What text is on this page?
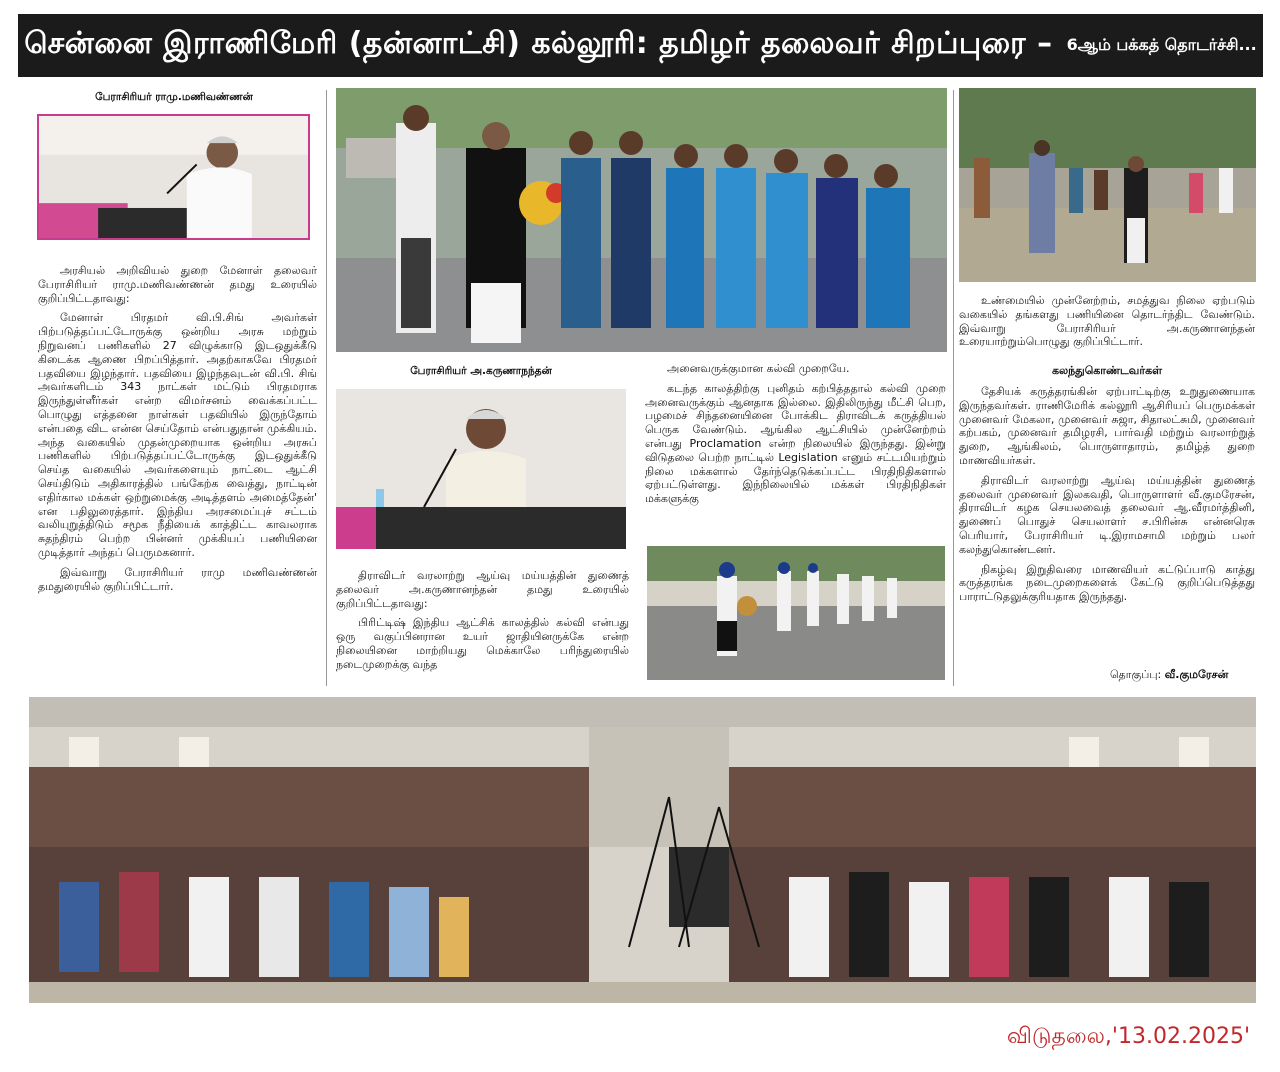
சென்னை இராணிமேரி (தன்னாட்சி) கல்லூரி: தமிழர் தலைவர் சிறப்புரை – 6ஆம் பக்கத் தொடர்ச்சி...
பேராசிரியர் ராமு.மணிவண்ணன்

அரசியல் அறிவியல் துறை மேனாள் தலைவர் பேராசிரியர் ராமு.மணிவண்ணன் தமது உரையில் குறிப்பிட்டதாவது:

மேனாள் பிரதமர் வி.பி.சிங் அவர்கள் பிற்படுத்தப்பட்டோருக்கு ஒன்றிய அரசு மற்றும் நிறுவனப் பணிகளில் 27 விழுக்காடு இடஒதுக்கீடு கிடைக்க ஆணை பிறப்பித்தார். அதற்காகவே பிரதமர் பதவியை இழந்தார். பதவியை இழந்தவுடன் வி.பி. சிங் அவர்களிடம் 343 நாட்கள் மட்டும் பிரதமராக இருந்துள்ளீர்கள் என்ற விமர்சனம் வைக்கப்பட்ட பொழுது எத்தனை நாள்கள் பதவியில் இருந்தோம் என்பதை விட என்ன செய்தோம் என்பதுதான் முக்கியம். அந்த வகையில் முதன்முறையாக ஒன்றிய அரசுப் பணிகளில் பிற்படுத்தப்பட்டோருக்கு இடஒதுக்கீடு செய்த வகையில் அவர்களையும் நாட்டை ஆட்சி செய்திடும் அதிகாரத்தில் பங்கேற்க வைத்து, நாட்டின் எதிர்கால மக்கள் ஒற்றுமைக்கு அடித்தளம் அமைத்தேன்' என பதிலுரைத்தார். இந்திய அரசமைப்புச் சட்டம் வலியுறுத்திடும் சமூக நீதியைக் காத்திட்ட காவலராக சுதந்திரம் பெற்ற பின்னர் முக்கியப் பணியினை முடித்தார் அந்தப் பெருமகனார்.

இவ்வாறு பேராசிரியர் ராமு மணிவண்ணன் தமதுரையில் குறிப்பிட்டார்.

பேராசிரியர் அ.கருணாநந்தன்

திராவிடர் வரலாற்று ஆய்வு மய்யத்தின் துணைத் தலைவர் அ.கருணானந்தன் தமது உரையில் குறிப்பிட்டதாவது:

பிரிட்டிஷ் இந்திய ஆட்சிக் காலத்தில் கல்வி என்பது ஒரு வகுப்பினரான உயர் ஜாதியினருக்கே என்ற நிலையினை மாற்றியது மெக்காலே பரிந்துரையில் நடைமுறைக்கு வந்த

அனைவருக்குமான கல்வி முறையே.

கடந்த காலத்திற்கு புனிதம் கற்பித்ததால் கல்வி முறை அனைவருக்கும் ஆனதாக இல்லை. இதிலிருந்து மீட்சி பெற, பழமைச் சிந்தனையினை போக்கிட திராவிடக் கருத்தியல் பெருக வேண்டும். ஆங்கில ஆட்சியில் முன்னேற்றம் என்பது Proclamation என்ற நிலையில் இருந்தது. இன்று விடுதலை பெற்ற நாட்டில் Legislation எனும் சட்டமியற்றும் நிலை மக்களால் தேர்ந்தெடுக்கப்பட்ட பிரதிநிதிகளால் ஏற்பட்டுள்ளது. இந்நிலையில் மக்கள் பிரதிநிதிகள் மக்களுக்கு

உண்மையில் முன்னேற்றம், சமத்துவ நிலை ஏற்படும் வகையில் தங்களது பணியினை தொடர்ந்திட வேண்டும். இவ்வாறு பேராசிரியர் அ.கருணானந்தன் உரையாற்றும்பொழுது குறிப்பிட்டார்.

கலந்துகொண்டவர்கள்

தேசியக் கருத்தரங்கின் ஏற்பாட்டிற்கு உறுதுணையாக இருந்தவர்கள். ராணிமேரிக் கல்லூரி ஆசிரியப் பெருமக்கள் முனைவர் மேகலா, முனைவர் சுஜா, சிதாலட்சுமி, முனைவர் கற்பகம், முனைவர் தமிழரசி, பார்வதி மற்றும் வரலாற்றுத் துறை, ஆங்கிலம், பொருளாதாரம், தமிழ்த் துறை மாணவியர்கள்.

திராவிடர் வரலாற்று ஆய்வு மய்யத்தின் துணைத் தலைவர் முனைவர் இலகவதி, பொருளாளர் வீ.குமரேசன், திராவிடர் கழக செயலவைத் தலைவர் ஆ.வீரமர்த்தினி, துணைப் பொதுச் செயலாளர் ச.பிரின்சு என்னரெசு பெரியார், பேராசிரியர் டி.இராமசாமி மற்றும் பலர் கலந்துகொண்டனர்.

நிகழ்வு இறுதிவரை மாணவியர் கட்டுப்பாடு காத்து கருத்தரங்க நடைமுறைகளைக் கேட்டு குறிப்பெடுத்தது பாராட்டுதலுக்குரியதாக இருந்தது.

தொகுப்பு: வீ.குமரேசன்
விடுதலை,'13.02.2025'
